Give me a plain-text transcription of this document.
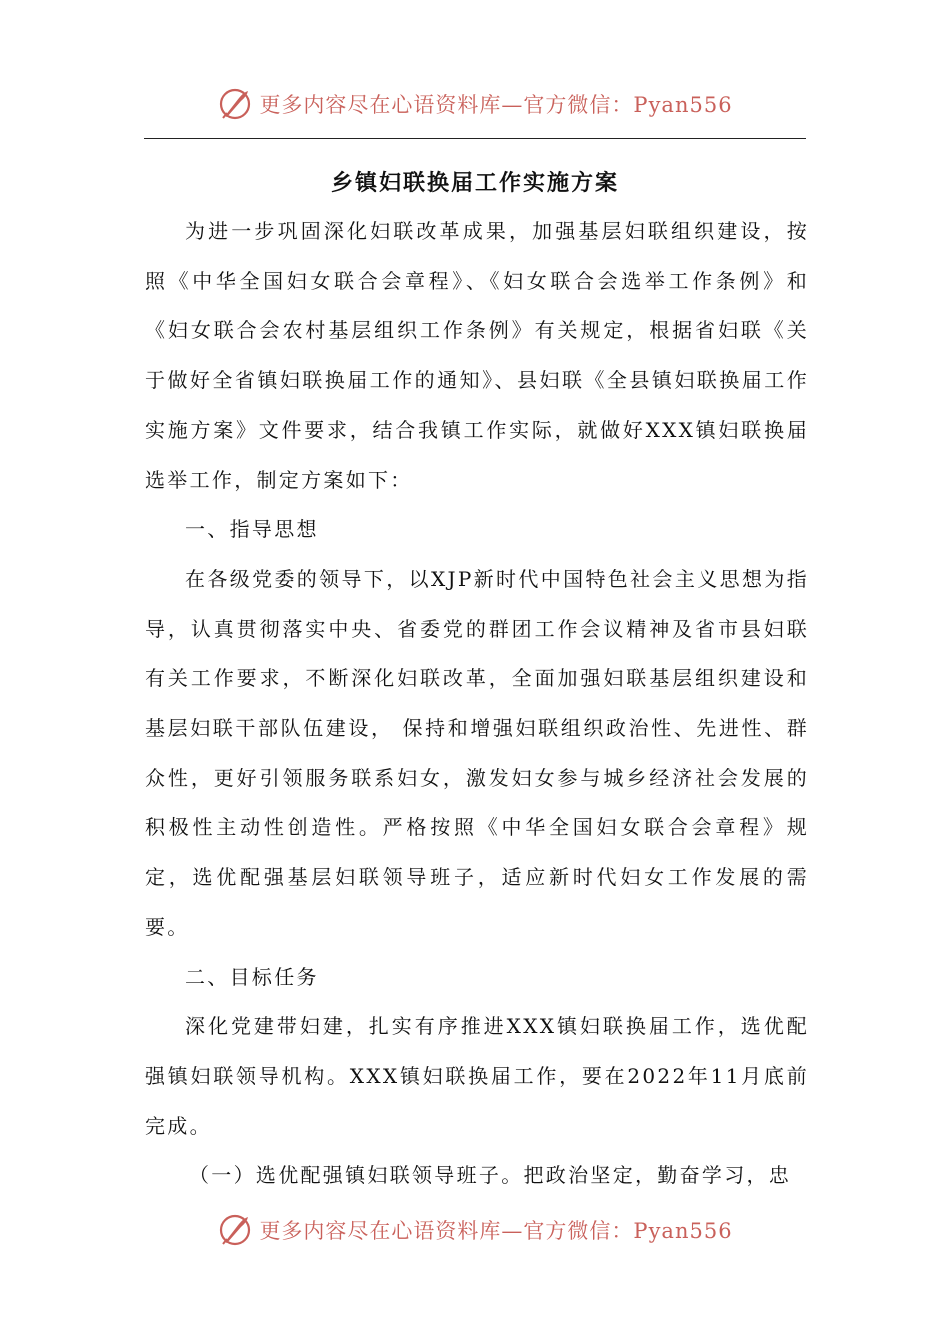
更多内容尽在心语资料库—官方微信：Pyan556
乡镇妇联换届工作实施方案

为进一步巩固深化妇联改革成果，加强基层妇联组织建设，按照《中华全国妇女联合会章程》、《妇女联合会选举工作条例》和《妇女联合会农村基层组织工作条例》有关规定，根据省妇联《关于做好全省镇妇联换届工作的通知》、县妇联《全县镇妇联换届工作实施方案》文件要求，结合我镇工作实际，就做好XXX镇妇联换届选举工作，制定方案如下：

一、指导思想

在各级党委的领导下，以XJP新时代中国特色社会主义思想为指导，认真贯彻落实中央、省委党的群团工作会议精神及省市县妇联有关工作要求，不断深化妇联改革，全面加强妇联基层组织建设和基层妇联干部队伍建设， 保持和增强妇联组织政治性、先进性、群众性，更好引领服务联系妇女，激发妇女参与城乡经济社会发展的积极性主动性创造性。严格按照《中华全国妇女联合会章程》规定，选优配强基层妇联领导班子，适应新时代妇女工作发展的需要。

二、目标任务

深化党建带妇建，扎实有序推进XXX镇妇联换届工作，选优配强镇妇联领导机构。XXX镇妇联换届工作，要在2022年11月底前完成。

（一）选优配强镇妇联领导班子。把政治坚定，勤奋学习，忠

更多内容尽在心语资料库—官方微信：Pyan556
